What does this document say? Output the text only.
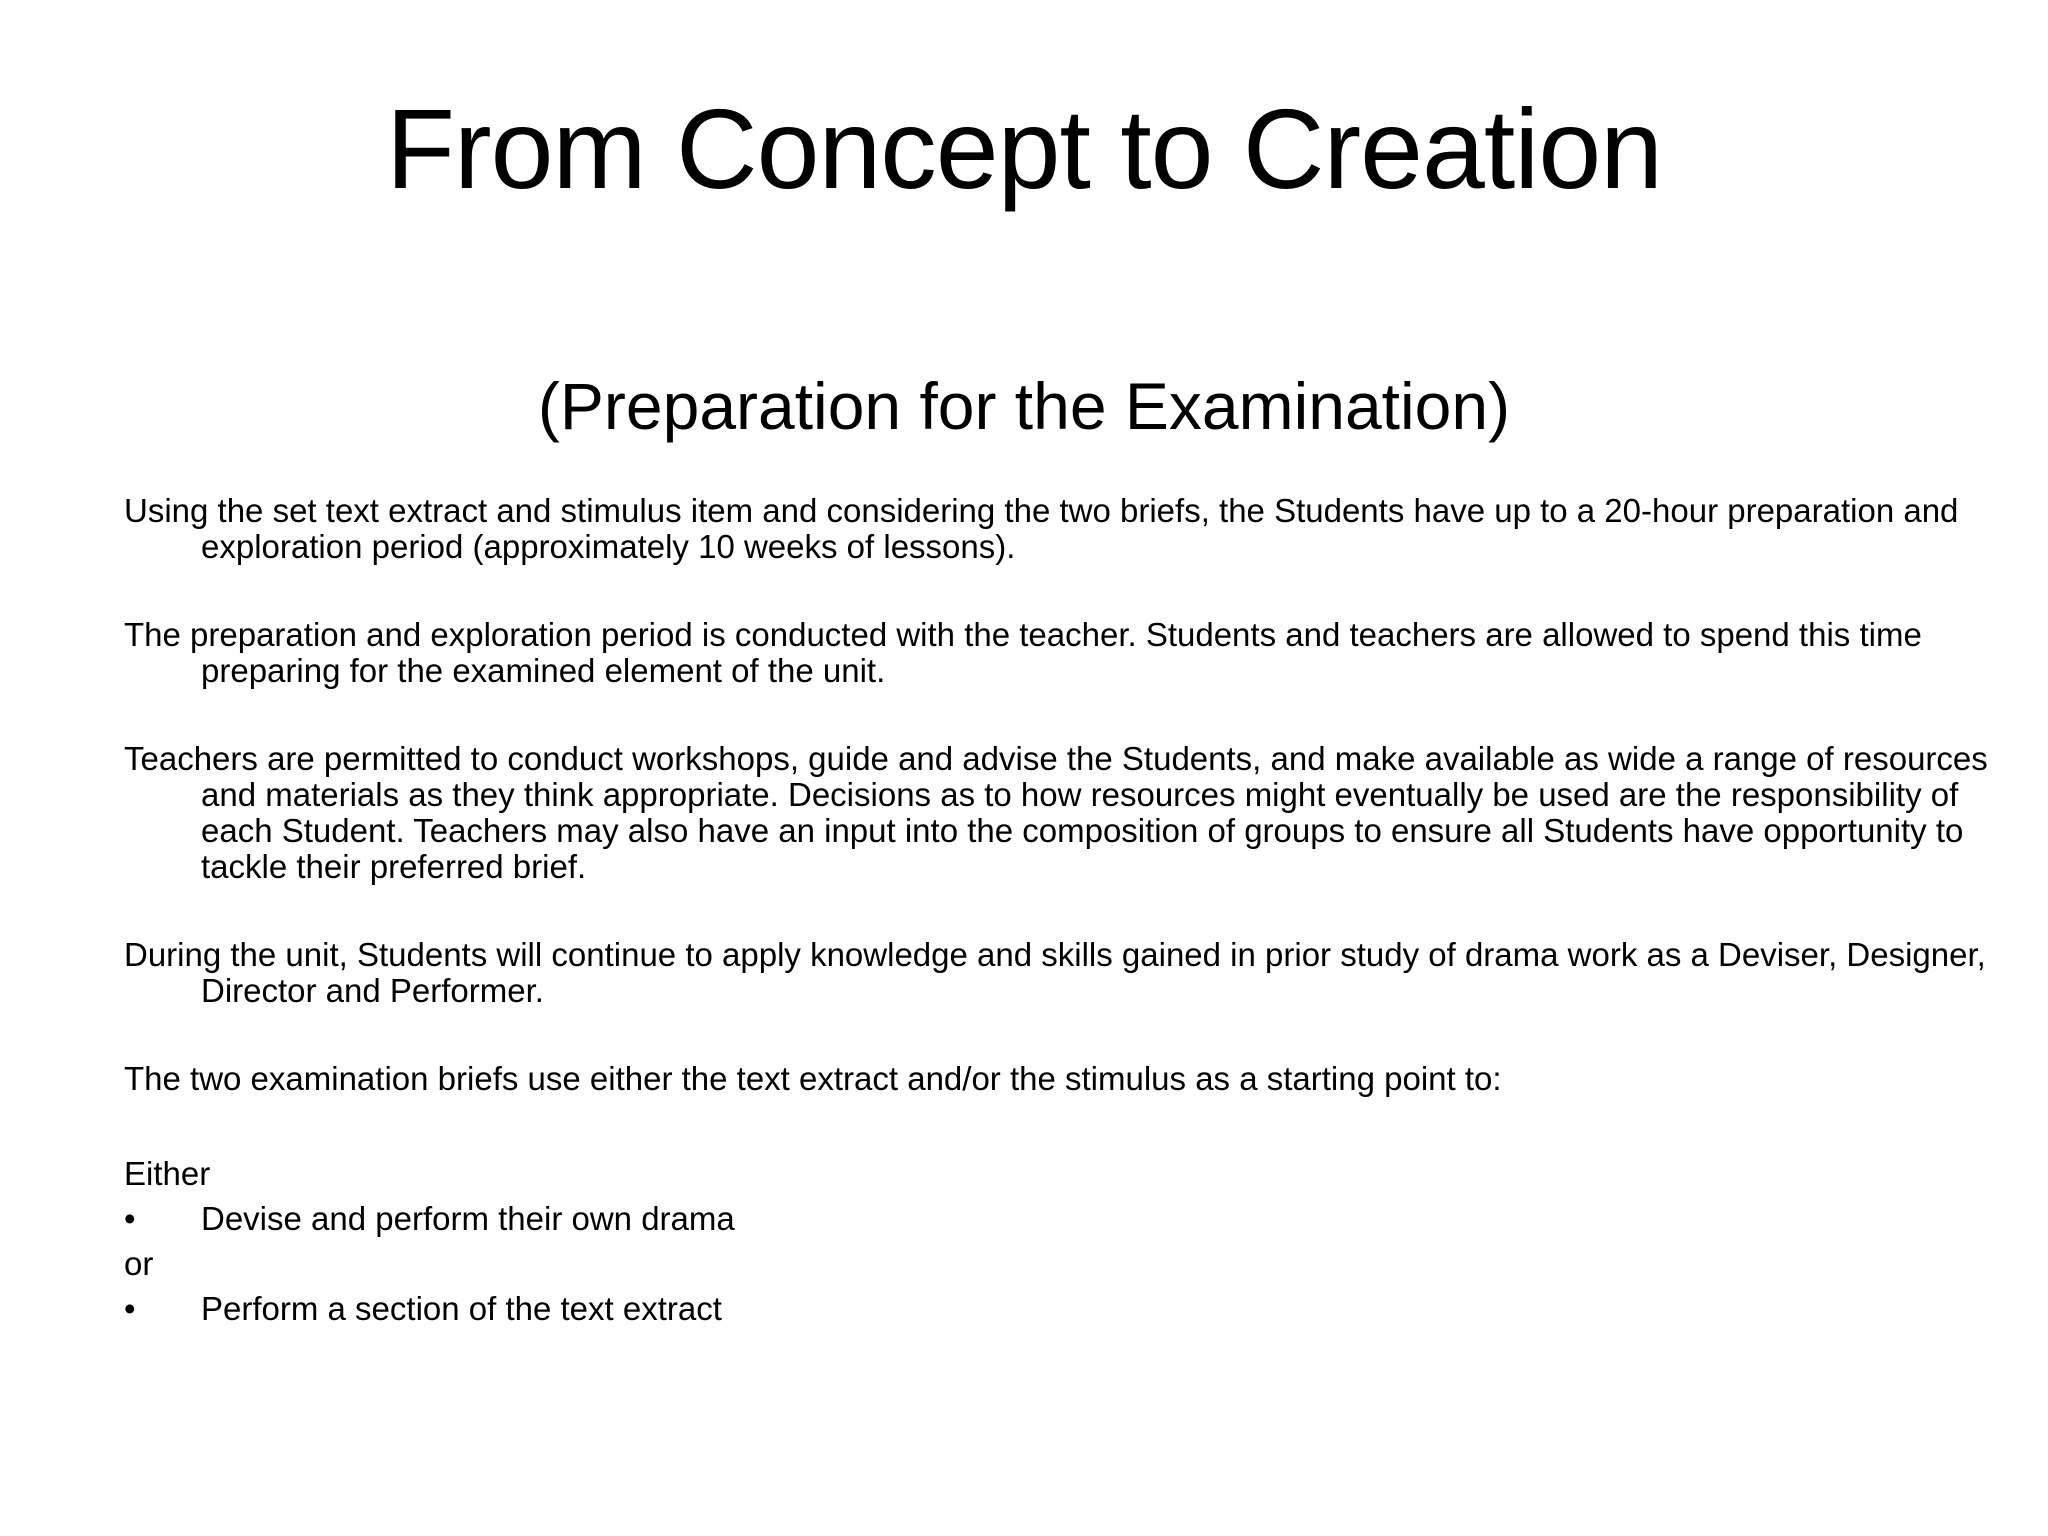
From Concept to Creation
(Preparation for the Examination)

Using the set text extract and stimulus item and considering the two briefs, the Students have up to a 20-hour preparation and exploration period (approximately 10 weeks of lessons).

The preparation and exploration period is conducted with the teacher. Students and teachers are allowed to spend this time preparing for the examined element of the unit.

Teachers are permitted to conduct workshops, guide and advise the Students, and make available as wide a range of resources and materials as they think appropriate. Decisions as to how resources might eventually be used are the responsibility of each Student. Teachers may also have an input into the composition of groups to ensure all Students have opportunity to tackle their preferred brief.

During the unit, Students will continue to apply knowledge and skills gained in prior study of drama work as a Deviser, Designer, Director and Performer.

The two examination briefs use either the text extract and/or the stimulus as a starting point to:

Either

•	Devise and perform their own drama

or

•	Perform a section of the text extract
